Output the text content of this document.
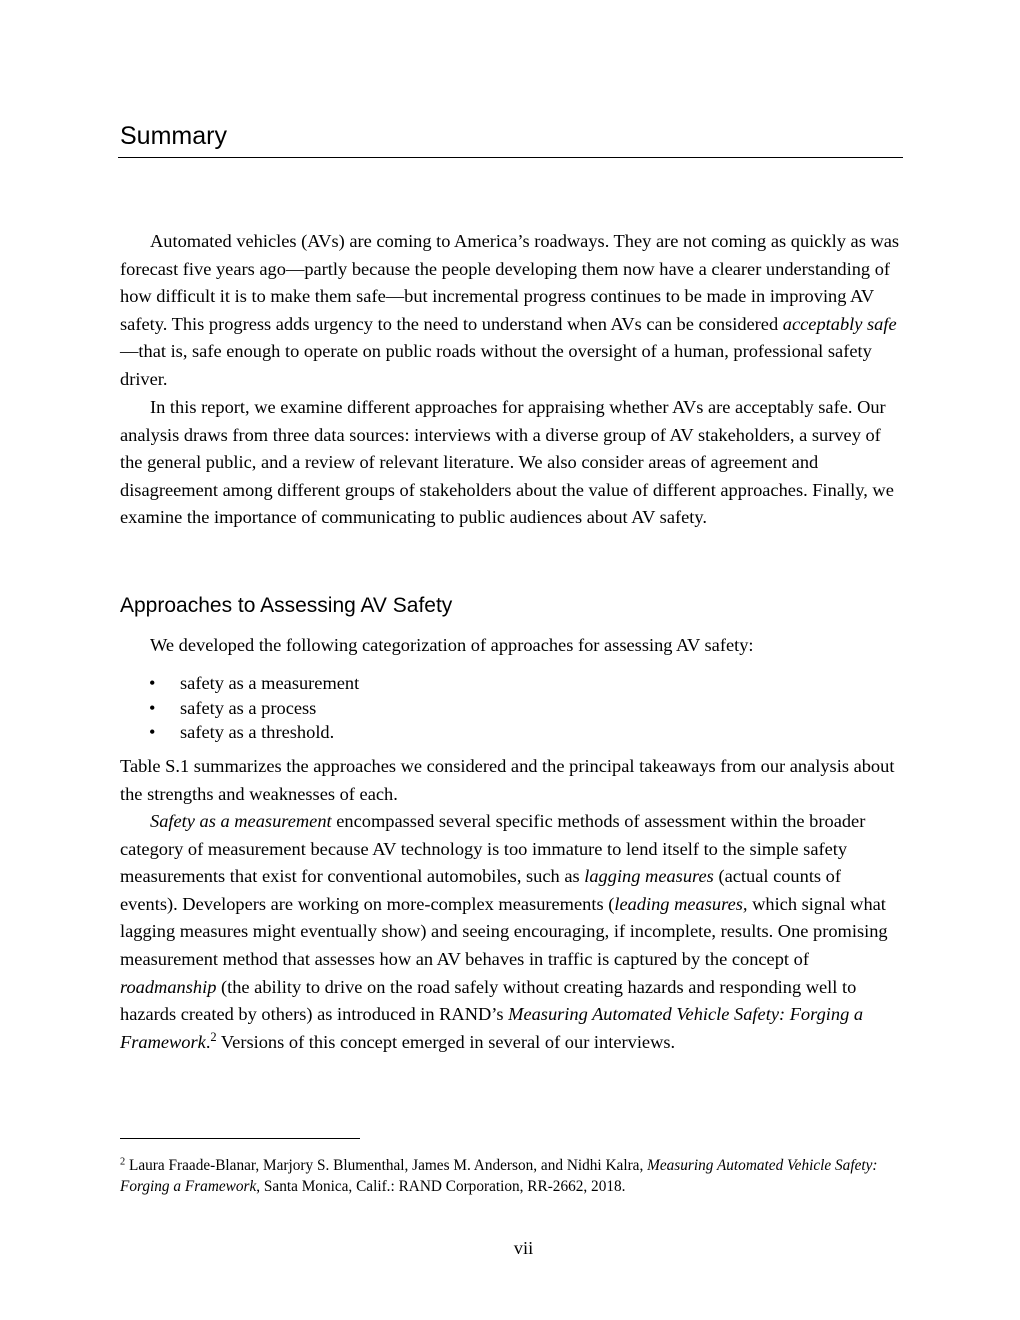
Summary

Automated vehicles (AVs) are coming to America’s roadways. They are not coming as quickly as was forecast five years ago—partly because the people developing them now have a clearer understanding of how difficult it is to make them safe—but incremental progress continues to be made in improving AV safety. This progress adds urgency to the need to understand when AVs can be considered acceptably safe—that is, safe enough to operate on public roads without the oversight of a human, professional safety driver.

In this report, we examine different approaches for appraising whether AVs are acceptably safe. Our analysis draws from three data sources: interviews with a diverse group of AV stakeholders, a survey of the general public, and a review of relevant literature. We also consider areas of agreement and disagreement among different groups of stakeholders about the value of different approaches. Finally, we examine the importance of communicating to public audiences about AV safety.

Approaches to Assessing AV Safety

We developed the following categorization of approaches for assessing AV safety:

• safety as a measurement
• safety as a process
• safety as a threshold.

Table S.1 summarizes the approaches we considered and the principal takeaways from our analysis about the strengths and weaknesses of each.

Safety as a measurement encompassed several specific methods of assessment within the broader category of measurement because AV technology is too immature to lend itself to the simple safety measurements that exist for conventional automobiles, such as lagging measures (actual counts of events). Developers are working on more-complex measurements (leading measures, which signal what lagging measures might eventually show) and seeing encouraging, if incomplete, results. One promising measurement method that assesses how an AV behaves in traffic is captured by the concept of roadmanship (the ability to drive on the road safely without creating hazards and responding well to hazards created by others) as introduced in RAND’s Measuring Automated Vehicle Safety: Forging a Framework.$^2$ Versions of this concept emerged in several of our interviews.

$^2$ Laura Fraade-Blanar, Marjory S. Blumenthal, James M. Anderson, and Nidhi Kalra, Measuring Automated Vehicle Safety: Forging a Framework, Santa Monica, Calif.: RAND Corporation, RR-2662, 2018.

vii
